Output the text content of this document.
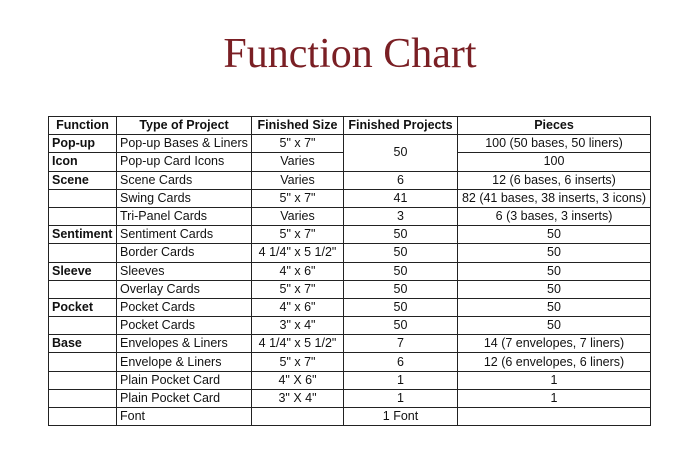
Function Chart
Function	Type of Project	Finished Size	Finished Projects	Pieces
Pop-up	Pop-up Bases & Liners	5" x 7"	50	100 (50 bases, 50 liners)
Icon	Pop-up Card Icons	Varies		100
Scene	Scene Cards	Varies	6	12 (6 bases, 6 inserts)
	Swing Cards	5" x 7"	41	82 (41 bases, 38 inserts, 3 icons)
	Tri-Panel Cards	Varies	3	6 (3 bases, 3 inserts)
Sentiment	Sentiment Cards	5" x 7"	50	50
	Border Cards	4 1/4" x 5 1/2"	50	50
Sleeve	Sleeves	4" x 6"	50	50
	Overlay Cards	5" x 7"	50	50
Pocket	Pocket Cards	4" x 6"	50	50
	Pocket Cards	3" x 4"	50	50
Base	Envelopes & Liners	4 1/4" x 5 1/2"	7	14 (7 envelopes, 7 liners)
	Envelope & Liners	5" x 7"	6	12 (6 envelopes, 6 liners)
	Plain Pocket Card	4" X 6"	1	1
	Plain Pocket Card	3" X 4"	1	1
	Font		1 Font	
